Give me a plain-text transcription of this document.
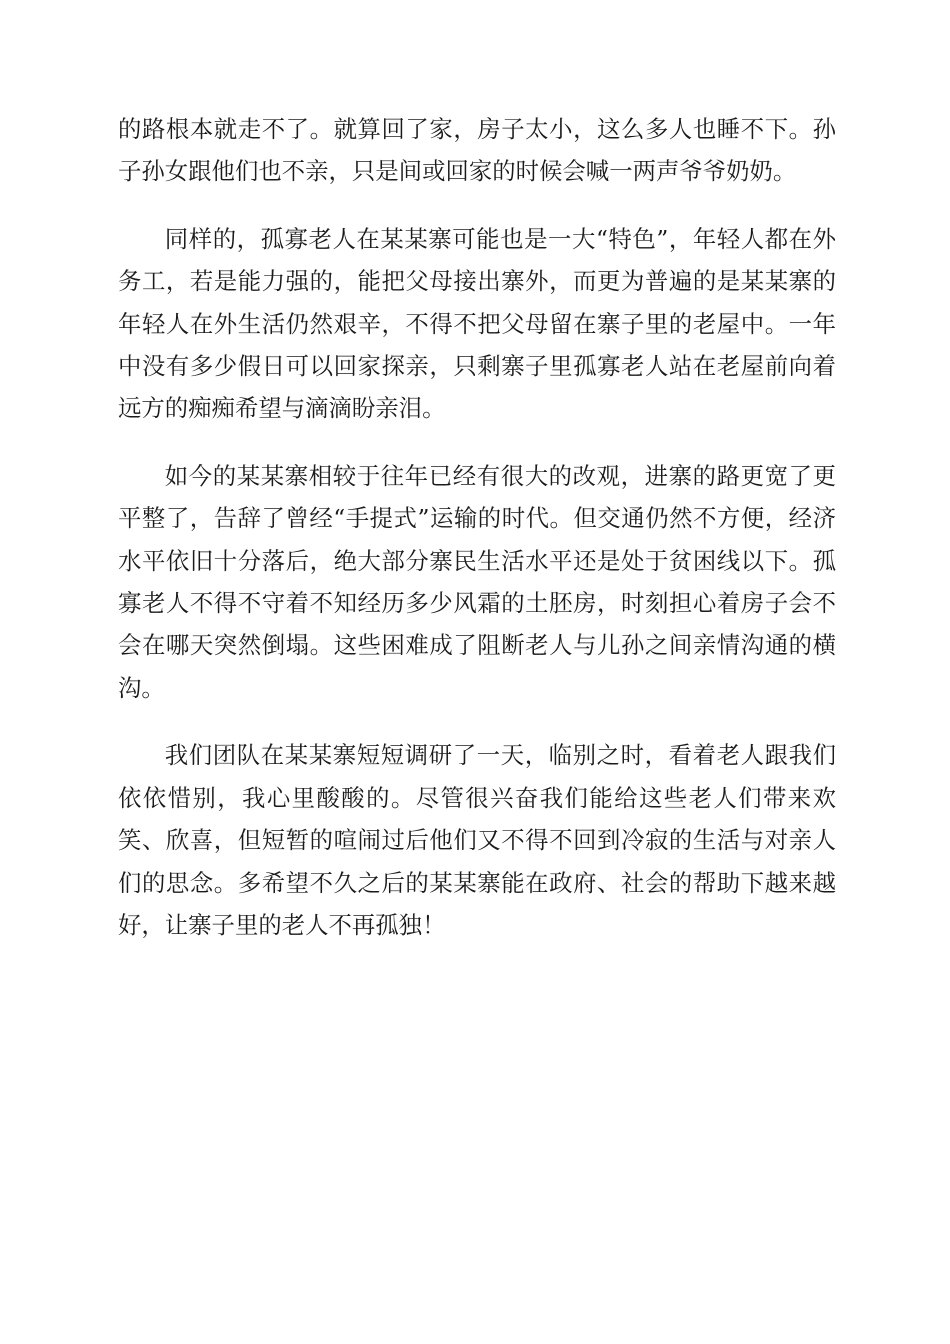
的路根本就走不了。就算回了家，房子太小，这么多人也睡不下。孙子孙女跟他们也不亲，只是间或回家的时候会喊一两声爷爷奶奶。

同样的，孤寡老人在某某寨可能也是一大“特色”，年轻人都在外务工，若是能力强的，能把父母接出寨外，而更为普遍的是某某寨的年轻人在外生活仍然艰辛，不得不把父母留在寨子里的老屋中。一年中没有多少假日可以回家探亲，只剩寨子里孤寡老人站在老屋前向着远方的痴痴希望与滴滴盼亲泪。

如今的某某寨相较于往年已经有很大的改观，进寨的路更宽了更平整了，告辞了曾经“手提式”运输的时代。但交通仍然不方便，经济水平依旧十分落后，绝大部分寨民生活水平还是处于贫困线以下。孤寡老人不得不守着不知经历多少风霜的土胚房，时刻担心着房子会不会在哪天突然倒塌。这些困难成了阻断老人与儿孙之间亲情沟通的横沟。

我们团队在某某寨短短调研了一天，临别之时，看着老人跟我们依依惜别，我心里酸酸的。尽管很兴奋我们能给这些老人们带来欢笑、欣喜，但短暂的喧闹过后他们又不得不回到冷寂的生活与对亲人们的思念。多希望不久之后的某某寨能在政府、社会的帮助下越来越好，让寨子里的老人不再孤独！
